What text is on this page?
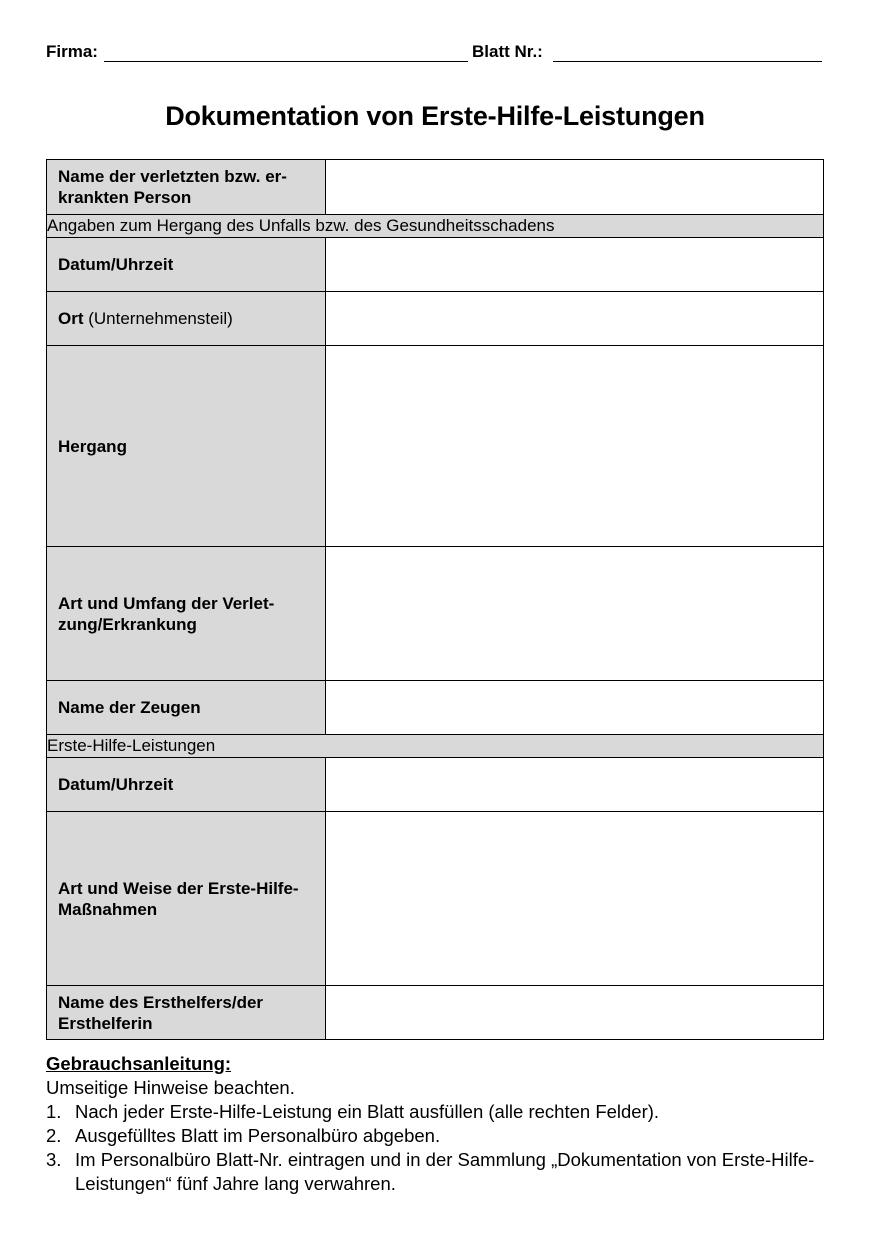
Firma:	Blatt Nr.:
Dokumentation von Erste-Hilfe-Leistungen
Name der verletzten bzw. er-krankten Person
Angaben zum Hergang des Unfalls bzw. des Gesundheitsschadens
Datum/Uhrzeit
Ort (Unternehmensteil)
Hergang
Art und Umfang der Verlet-zung/Erkrankung
Name der Zeugen
Erste-Hilfe-Leistungen
Datum/Uhrzeit
Art und Weise der Erste-Hilfe-Maßnahmen
Name des Ersthelfers/der Ersthelferin
Gebrauchsanleitung:
Umseitige Hinweise beachten.
1. Nach jeder Erste-Hilfe-Leistung ein Blatt ausfüllen (alle rechten Felder).
2. Ausgefülltes Blatt im Personalbüro abgeben.
3. Im Personalbüro Blatt-Nr. eintragen und in der Sammlung „Dokumentation von Erste-Hilfe-Leistungen“ fünf Jahre lang verwahren.
